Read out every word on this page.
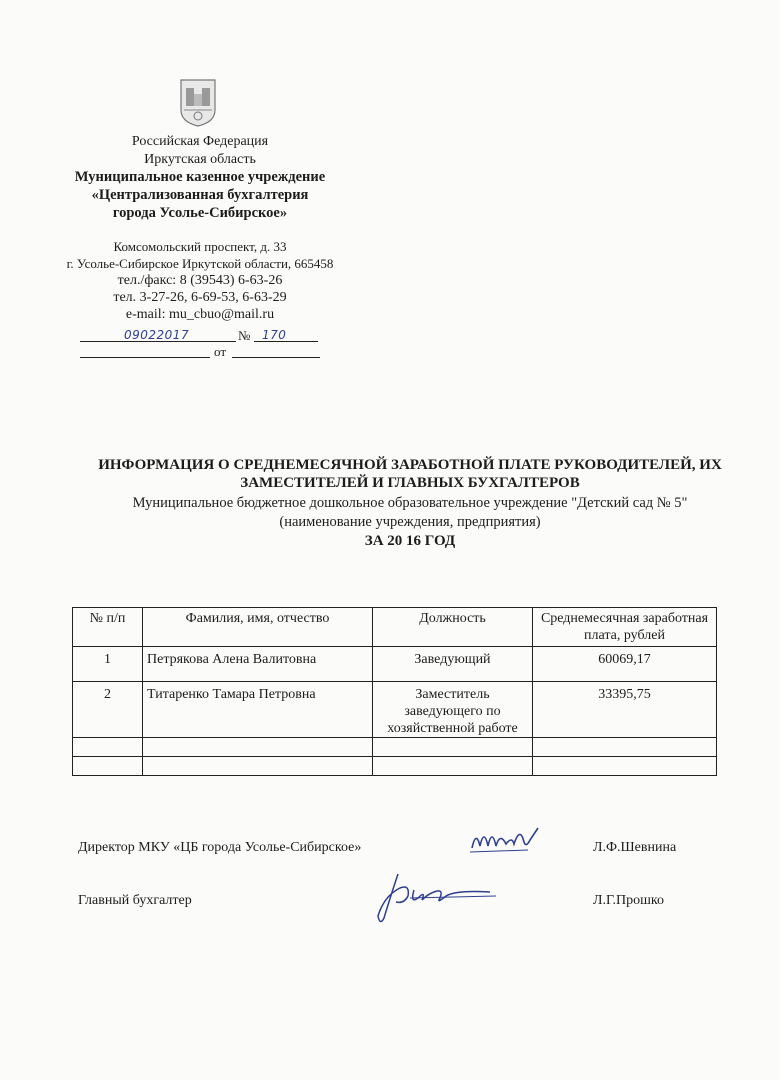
Российская Федерация
Иркутская область
Муниципальное казенное учреждение
«Централизованная бухгалтерия
города Усолье-Сибирское»
Комсомольский проспект, д. 33
г. Усолье-Сибирское Иркутской области, 665458
тел./факс: 8 (39543) 6-63-26
тел. 3-27-26, 6-69-53, 6-63-29
e-mail: mu_cbuo@mail.ru
09022017	№ 170
от
ИНФОРМАЦИЯ О СРЕДНЕМЕСЯЧНОЙ ЗАРАБОТНОЙ ПЛАТЕ РУКОВОДИТЕЛЕЙ, ИХ
ЗАМЕСТИТЕЛЕЙ И ГЛАВНЫХ БУХГАЛТЕРОВ
Муниципальное бюджетное дошкольное образовательное учреждение "Детский сад № 5"
(наименование учреждения, предприятия)
ЗА 20 16 ГОД
№ п/п	Фамилия, имя, отчество	Должность	Среднемесячная заработная плата, рублей
1	Петрякова Алена Валитовна	Заведующий	60069,17
2	Титаренко Тамара Петровна	Заместитель заведующего по хозяйственной работе	33395,75

Директор МКУ «ЦБ города Усолье-Сибирское»	Л.Ф.Шевнина
Главный бухгалтер	Л.Г.Прошко
